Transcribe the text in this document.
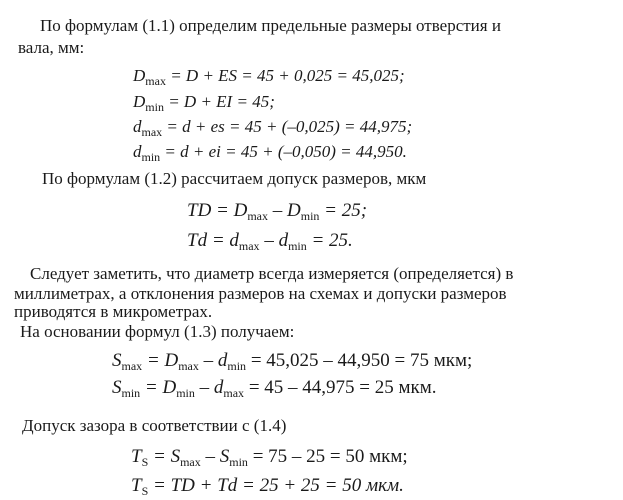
По формулам (1.1) определим предельные размеры отверстия и
вала, мм:
$D_{max} = D$ + ES = 45 + 0,025 = 45,025;
$D_{min} = D$ + EI = 45;
$d_{max} = d$ + es = 45 + (–0,025) = 44,975;
$d_{min} = d$ + ei = 45 + (–0,050) = 44,950.
По формулам (1.2) рассчитаем допуск размеров, мкм
TD = $D_{max} - D_{min} = 25$;
$Td = d_{max} - d_{min} = 25$.
Следует заметить, что диаметр всегда измеряется (определяется) в
миллиметрах, а отклонения размеров на схемах и допуски размеров
приводятся в микрометрах.
На основании формул (1.3) получаем:
$S_{max} = D_{max} - d_{min} = 45,025 - 44,950 = 75$ мкм;
$S_{min} = D_{min} - d_{max} = 45 - 44,975 = 25$ мкм.
Допуск зазора в соответствии с (1.4)
$T_S = S_{max} - S_{min} = 75 - 25 = 50$ мкм;
$T_S$ = TD + Td = 25 + 25 = 50 мкм.
